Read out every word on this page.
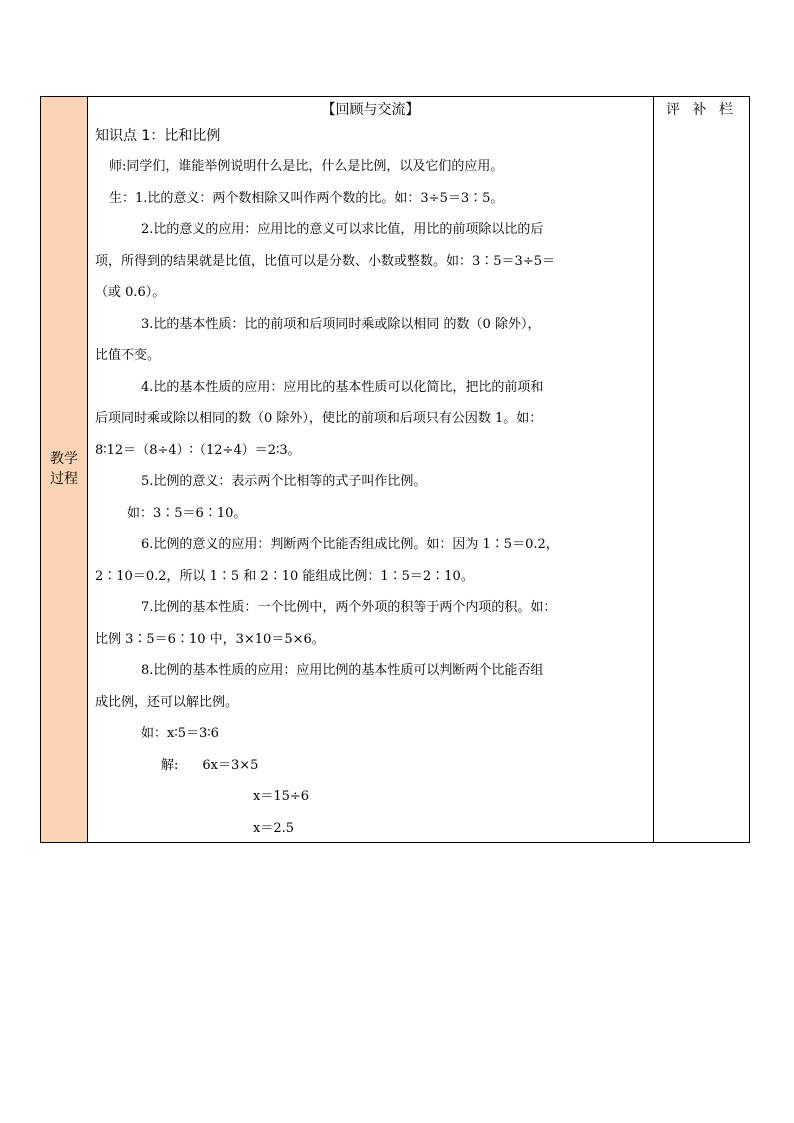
教学
过程
【回顾与交流】
知识点 1：比和比例
师:同学们，谁能举例说明什么是比，什么是比例，以及它们的应用。
生：1.比的意义：两个数相除又叫作两个数的比。如：3÷5＝3∶5。
2.比的意义的应用：应用比的意义可以求比值，用比的前项除以比的后
项，所得到的结果就是比值，比值可以是分数、小数或整数。如：3∶5＝3÷5＝
（或 0.6）。
3.比的基本性质：比的前项和后项同时乘或除以相同 的数（0 除外），
比值不变。
4.比的基本性质的应用：应用比的基本性质可以化简比，把比的前项和
后项同时乘或除以相同的数（0 除外），使比的前项和后项只有公因数 1。如：
8∶12＝（8÷4）∶（12÷4）＝2∶3。
5.比例的意义：表示两个比相等的式子叫作比例。
如：3∶5＝6∶10。
6.比例的意义的应用：判断两个比能否组成比例。如：因为 1∶5＝0.2，
2∶10＝0.2，所以 1∶5 和 2∶10 能组成比例：1∶5＝2∶10。
7.比例的基本性质：一个比例中，两个外项的积等于两个内项的积。如：
比例 3∶5＝6∶10 中，3×10＝5×6。
8.比例的基本性质的应用：应用比例的基本性质可以判断两个比能否组
成比例，还可以解比例。
如：x∶5＝3∶6
解: 6x＝3×5
x＝15÷6
x＝2.5
评 补 栏
